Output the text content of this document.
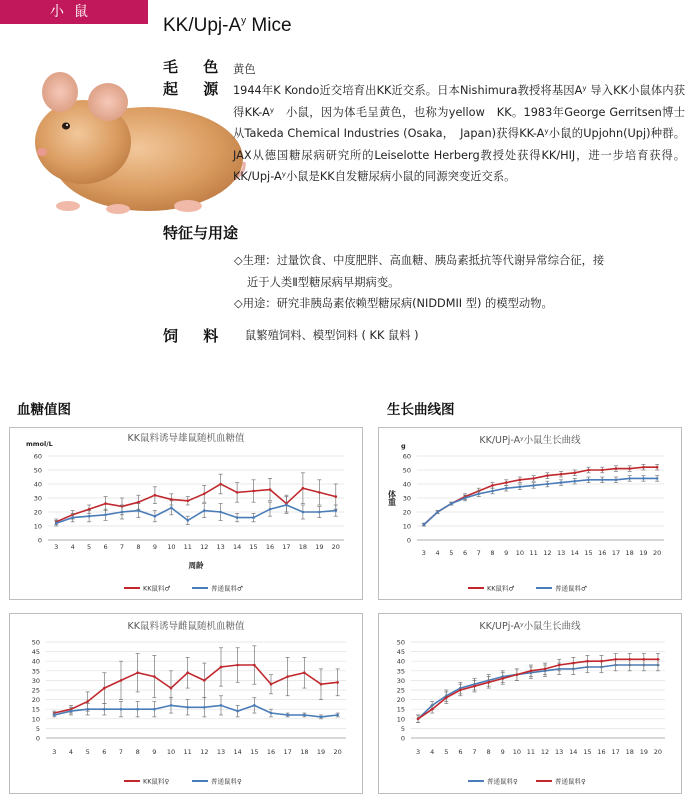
小鼠
$KK/Upj-A^y$ Mice
毛 色 黄色
起 源 1944年K Kondo近交培育出KK近交系。日本Nishimura教授将基因Aʸ 导入KK小鼠体内获得KK-Aʸ　小鼠，因为体毛呈黄色，也称为yellow　KK。1983年George Gerritsen博士从Takeda Chemical Industries (Osaka，　Japan)获得KK-Aʸ小鼠的Upjohn(Upj)种群。JAX从德国糖尿病研究所的Leiselotte Herberg教授处获得KK/HIJ，进一步培育获得。KK/Upj-Aʸ小鼠是KK自发糖尿病小鼠的同源突变近交系。
特征与用途
◇生理：过量饮食、中度肥胖、高血糖、胰岛素抵抗等代谢异常综合征，接
近于人类Ⅱ型糖尿病早期病变。
◇用途：研究非胰岛素依赖型糖尿病(NIDDMII 型) 的模型动物。
饲 料 鼠繁殖饲料、模型饲料 ( KK 鼠料 )
血糖值图	生长曲线图
KK鼠料诱导雄鼠随机血糖值
0
10
20
30
40
50
60
3 4 5 6 7 8 9 10 11 12 13 14 15 16 17 18 19 20
mmol/L
周龄
KK鼠料♂	普通鼠料♂
KK/UPj-Aʸ小鼠生长曲线
0
10
20
30
40
50
60
3 4 5 6 7 8 9 10 11 12 13 14 15 16 17 18 19 20
g
体重
KK鼠料♂	普通鼠料♂
KK鼠料诱导雌鼠随机血糖值
0
5
10
15
20
25
30
35
40
45
50
3 4 5 6 7 8 9 10 11 12 13 14 15 16 17 18 19 20
KK鼠料♀	普通鼠料♀
KK/UPj-Aʸ小鼠生长曲线
0
5
10
15
20
25
30
35
40
45
50
3 4 5 6 7 8 9 10 11 12 13 14 15 16 17 18 19 20
普通鼠料♀	普通鼠料♀
